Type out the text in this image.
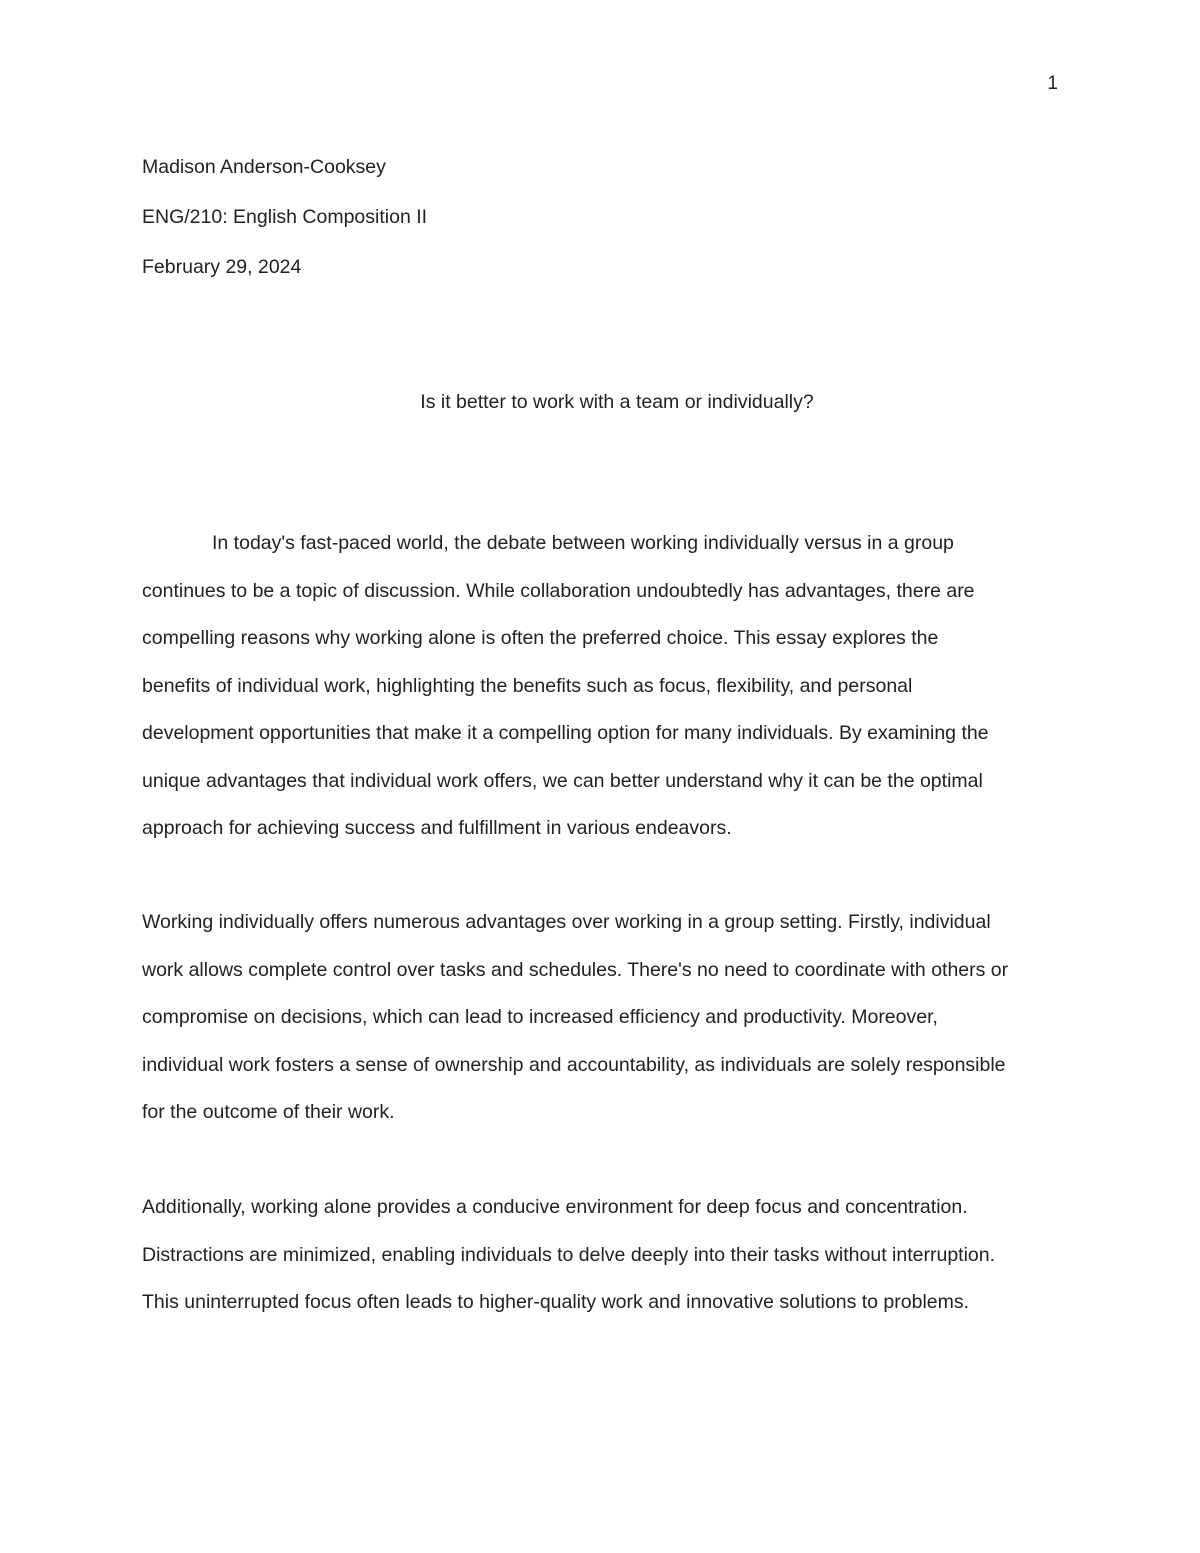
1
Madison Anderson-Cooksey
ENG/210: English Composition II
February 29, 2024
Is it better to work with a team or individually?
In today's fast-paced world, the debate between working individually versus in a group
continues to be a topic of discussion. While collaboration undoubtedly has advantages, there are
compelling reasons why working alone is often the preferred choice. This essay explores the
benefits of individual work, highlighting the benefits such as focus, flexibility, and personal
development opportunities that make it a compelling option for many individuals. By examining the
unique advantages that individual work offers, we can better understand why it can be the optimal
approach for achieving success and fulfillment in various endeavors.
Working individually offers numerous advantages over working in a group setting. Firstly, individual
work allows complete control over tasks and schedules. There's no need to coordinate with others or
compromise on decisions, which can lead to increased efficiency and productivity. Moreover,
individual work fosters a sense of ownership and accountability, as individuals are solely responsible
for the outcome of their work.
Additionally, working alone provides a conducive environment for deep focus and concentration.
Distractions are minimized, enabling individuals to delve deeply into their tasks without interruption.
This uninterrupted focus often leads to higher-quality work and innovative solutions to problems.
